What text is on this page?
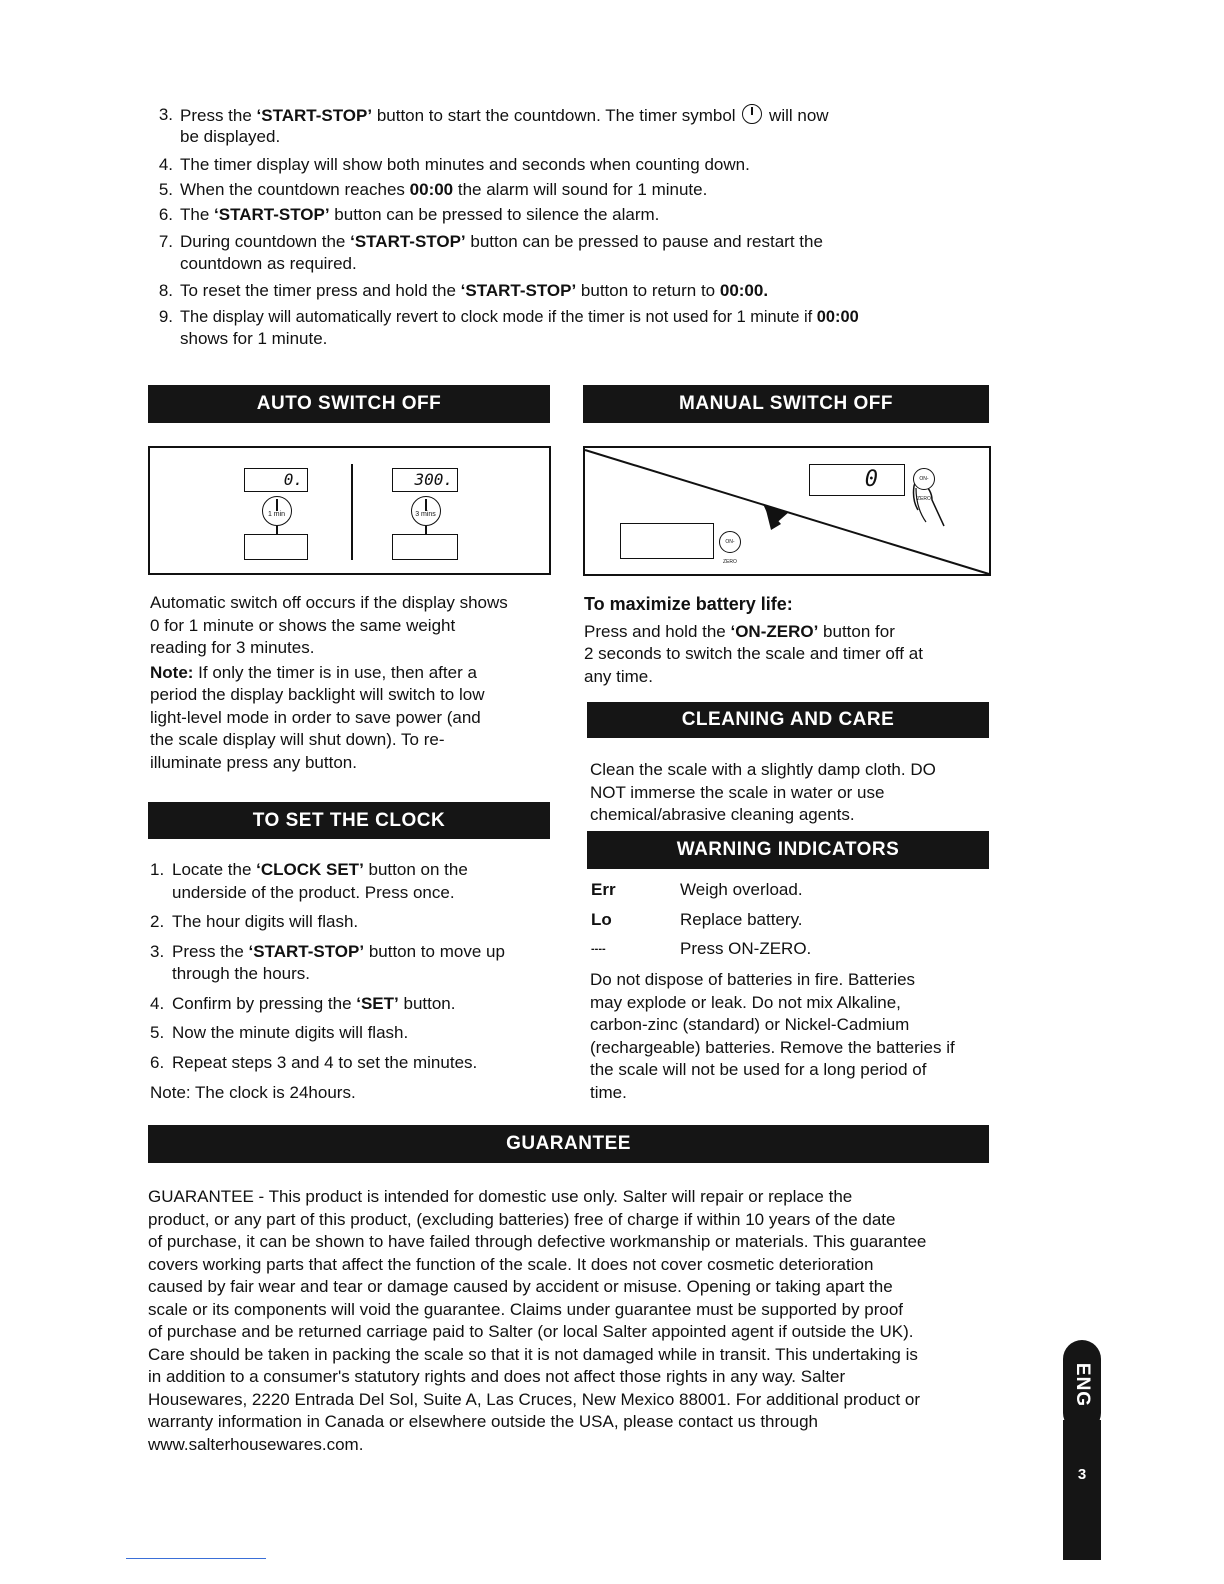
3. Press the ‘START-STOP’ button to start the countdown. The timer symbol
will now
be displayed.
4. The timer display will show both minutes and seconds when counting down.
5. When the countdown reaches 00:00 the alarm will sound for 1 minute.
6. The ‘START-STOP’ button can be pressed to silence the alarm.
7. During countdown the ‘START-STOP’ button can be pressed to pause and restart the
countdown as required.
8. To reset the timer press and hold the ‘START-STOP’ button to return to 00:00.
9. The display will automatically revert to clock mode if the timer is not used for 1 minute if 00:00
shows for 1 minute.
AUTO SWITCH OFF	MANUAL SWITCH OFF
0.
1 min
300.
3 mins
0	ON-ZERO
ON-ZERO
Automatic switch off occurs if the display shows
0 for 1 minute or shows the same weight
reading for 3 minutes.
Note: If only the timer is in use, then after a
period the display backlight will switch to low
light-level mode in order to save power (and
the scale display will shut down). To re-
illuminate press any button.
To maximize battery life:
Press and hold the ‘ON-ZERO’ button for
2 seconds to switch the scale and timer off at
any time.
CLEANING AND CARE
Clean the scale with a slightly damp cloth. DO
NOT immerse the scale in water or use
chemical/abrasive cleaning agents.
TO SET THE CLOCK
1. Locate the ‘CLOCK SET’ button on the
underside of the product. Press once.
2. The hour digits will flash.
3. Press the ‘START-STOP’ button to move up
through the hours.
4. Confirm by pressing the ‘SET’ button.
5. Now the minute digits will flash.
6. Repeat steps 3 and 4 to set the minutes.
Note: The clock is 24hours.
WARNING INDICATORS
Err	Weigh overload.
Lo	Replace battery.
----	Press ON-ZERO.
Do not dispose of batteries in fire. Batteries
may explode or leak. Do not mix Alkaline,
carbon-zinc (standard) or Nickel-Cadmium
(rechargeable) batteries. Remove the batteries if
the scale will not be used for a long period of
time.
GUARANTEE
GUARANTEE - This product is intended for domestic use only. Salter will repair or replace the
product, or any part of this product, (excluding batteries) free of charge if within 10 years of the date
of purchase, it can be shown to have failed through defective workmanship or materials. This guarantee
covers working parts that affect the function of the scale. It does not cover cosmetic deterioration
caused by fair wear and tear or damage caused by accident or misuse. Opening or taking apart the
scale or its components will void the guarantee. Claims under guarantee must be supported by proof
of purchase and be returned carriage paid to Salter (or local Salter appointed agent if outside the UK).
Care should be taken in packing the scale so that it is not damaged while in transit. This undertaking is
in addition to a consumer's statutory rights and does not affect those rights in any way. Salter
Housewares, 2220 Entrada Del Sol, Suite A, Las Cruces, New Mexico 88001. For additional product or
warranty information in Canada or elsewhere outside the USA, please contact us through
www.salterhousewares.com.
ENG
3
